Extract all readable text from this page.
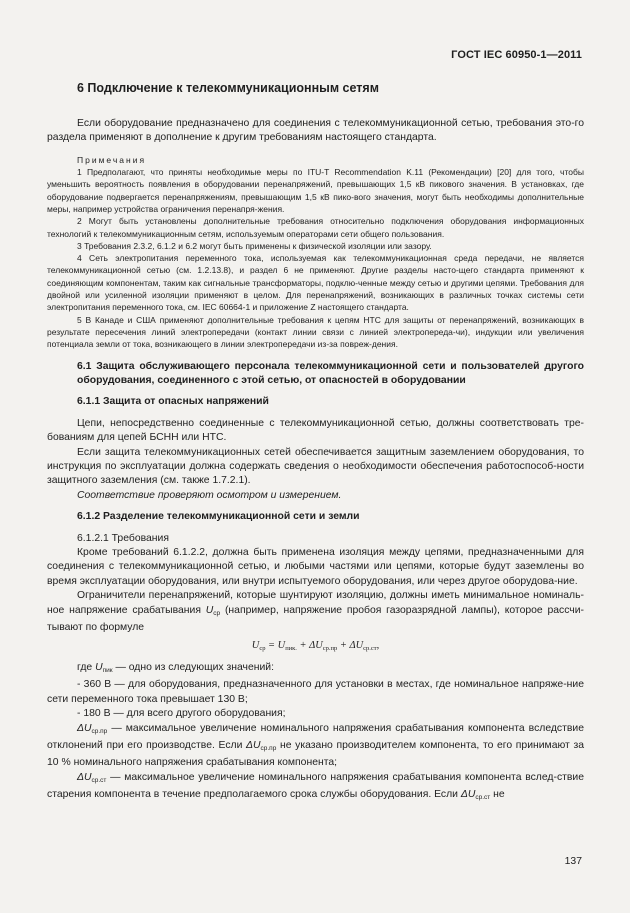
ГОСТ IEC 60950-1—2011
6 Подключение к телекоммуникационным сетям

Если оборудование предназначено для соединения с телекоммуникационной сетью, требования это-го раздела применяют в дополнение к другим требованиям настоящего стандарта.

Примечания

1 Предполагают, что приняты необходимые меры по ITU-T Recommendation K.11 (Рекомендации) [20] для того, чтобы уменьшить вероятность появления в оборудовании перенапряжений, превышающих 1,5 кВ пикового значения. В установках, где оборудование подвергается перенапряжениям, превышающим 1,5 кВ пико-вого значения, могут быть необходимы дополнительные меры, например устройства ограничения перенапря-жения.

2 Могут быть установлены дополнительные требования относительно подключения оборудования информационных технологий к телекоммуникационным сетям, используемым операторами сети общего пользования.

3 Требования 2.3.2, 6.1.2 и 6.2 могут быть применены к физической изоляции или зазору.

4 Сеть электропитания переменного тока, используемая как телекоммуникационная среда передачи, не является телекоммуникационной сетью (см. 1.2.13.8), и раздел 6 не применяют. Другие разделы насто-щего стандарта применяют к соединяющим компонентам, таким как сигнальные трансформаторы, подклю-ченные между сетью и другими цепями. Требования для двойной или усиленной изоляции применяют в целом. Для перенапряжений, возникающих в различных точках системы сети электропитания переменного тока, см. IEC 60664-1 и приложение Z настоящего стандарта.

5 В Канаде и США применяют дополнительные требования к цепям НТС для защиты от перенапряжений, возникающих в результате пересечения линий электропередачи (контакт линии связи с линией электропереда-чи), индукции или увеличения потенциала земли от тока, возникающего в линии электропередачи из-за повреж-дения.

6.1 Защита обслуживающего персонала телекоммуникационной сети и пользователей другого оборудования, соединенного с этой сетью, от опасностей в оборудовании
6.1.1 Защита от опасных напряжений

Цепи, непосредственно соединенные с телекоммуникационной сетью, должны соответствовать тре-бованиям для цепей БСНН или НТС.

Если защита телекоммуникационных сетей обеспечивается защитным заземлением оборудования, то инструкция по эксплуатации должна содержать сведения о необходимости обеспечения работоспособ-ности защитного заземления (см. также 1.7.2.1).

Соответствие проверяют осмотром и измерением.

6.1.2 Разделение телекоммуникационной сети и земли

6.1.2.1 Требования

Кроме требований 6.1.2.2, должна быть применена изоляция между цепями, предназначенными для соединения с телекоммуникационной сетью, и любыми частями или цепями, которые будут заземлены во время эксплуатации оборудования, или внутри испытуемого оборудования, или через другое оборудова-ние.

Ограничители перенапряжений, которые шунтируют изоляцию, должны иметь минимальное номиналь-ное напряжение срабатывания $U_{ср}$ (например, напряжение пробоя газоразрядной лампы), которое рассчи-тывают по формуле

$U_{ср} = U_{пик.} + \Delta U_{ср.пр} + \Delta U_{ср.ст}$,

где $U_{пик}$ — одно из следующих значений:

- 360 В — для оборудования, предназначенного для установки в местах, где номинальное напряже-ние сети переменного тока превышает 130 В;

- 180 В — для всего другого оборудования;

$\Delta U_{ср.пр}$ — максимальное увеличение номинального напряжения срабатывания компонента вследствие отклонений при его производстве. Если $\Delta U_{ср.пр}$ не указано производителем компонента, то его принимают за 10 % номинального напряжения срабатывания компонента;

$\Delta U_{ср.ст}$ — максимальное увеличение номинального напряжения срабатывания компонента вслед-ствие старения компонента в течение предполагаемого срока службы оборудования. Если $\Delta U_{ср.ст}$ не

137
